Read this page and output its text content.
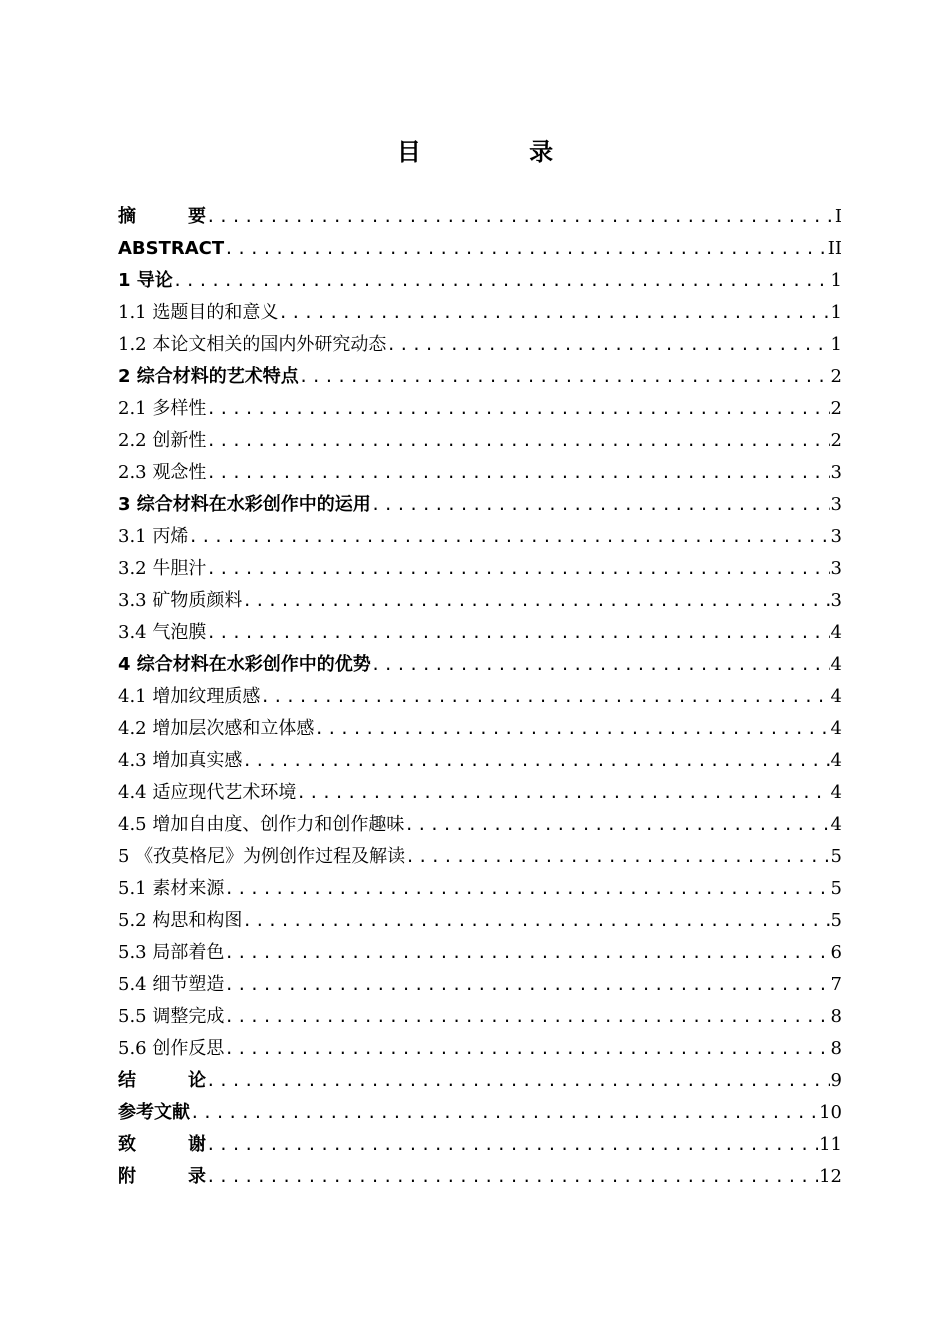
目 录
摘	要 .....	I
ABSTRACT .....	II
1 导论 .....	1
1.1 选题目的和意义 .....	1
1.2 本论文相关的国内外研究动态 .....	1
2 综合材料的艺术特点 .....	2
2.1 多样性 .....	2
2.2 创新性 .....	2
2.3 观念性 .....	3
3 综合材料在水彩创作中的运用 .....	3
3.1 丙烯 .....	3
3.2 牛胆汁 .....	3
3.3 矿物质颜料 .....	3
3.4 气泡膜 .....	4
4 综合材料在水彩创作中的优势 .....	4
4.1 增加纹理质感 .....	4
4.2 增加层次感和立体感 .....	4
4.3 增加真实感 .....	4
4.4 适应现代艺术环境 .....	4
4.5 增加自由度、创作力和创作趣味 .....	4
5 《孜莫格尼》为例创作过程及解读 .....	5
5.1 素材来源 .....	5
5.2 构思和构图 .....	5
5.3 局部着色 .....	6
5.4 细节塑造 .....	7
5.5 调整完成 .....	8
5.6 创作反思 .....	8
结	论 .....	9
参考文献 .....	10
致	谢 .....	11
附	录 .....	12
